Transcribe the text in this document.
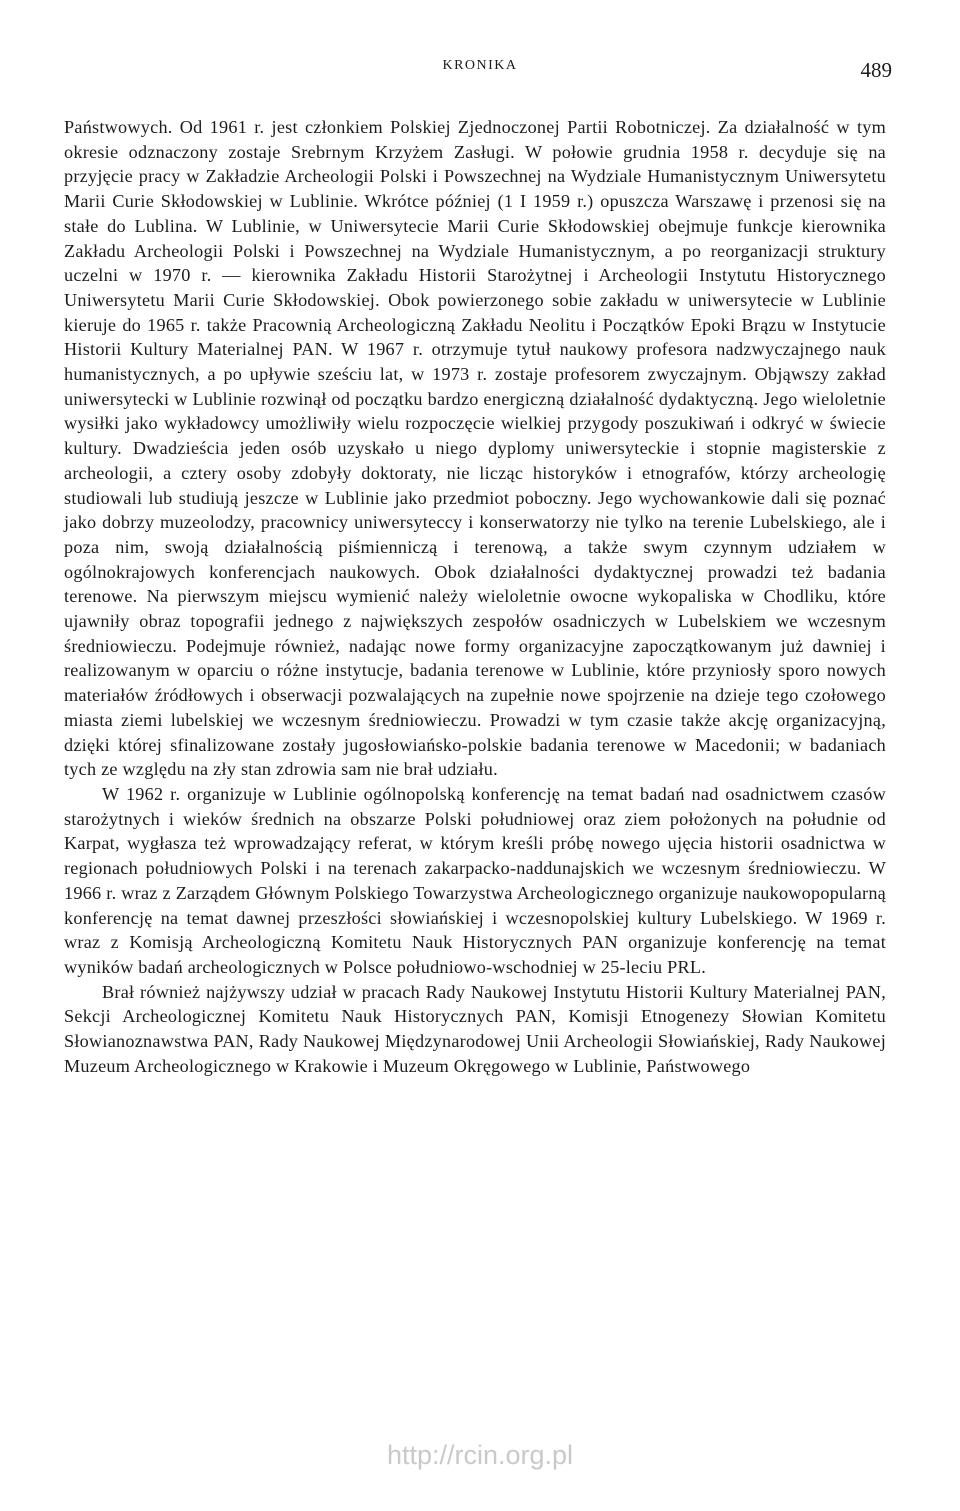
KRONIKA	489

Państwowych. Od 1961 r. jest członkiem Polskiej Zjednoczonej Partii Robotniczej. Za działalność w tym okresie odznaczony zostaje Srebrnym Krzyżem Zasługi. W połowie grudnia 1958 r. decyduje się na przyjęcie pracy w Zakładzie Archeologii Polski i Powszechnej na Wydziale Humanistycznym Uniwersytetu Marii Curie Skłodowskiej w Lublinie. Wkrótce później (1 I 1959 r.) opuszcza Warszawę i przenosi się na stałe do Lublina. W Lublinie, w Uniwersytecie Marii Curie Skłodowskiej obejmuje funkcje kierownika Zakładu Archeologii Polski i Powszechnej na Wydziale Humanistycznym, a po reorganizacji struktury uczelni w 1970 r. — kierownika Zakładu Historii Starożytnej i Archeologii Instytutu Historycznego Uniwersytetu Marii Curie Skłodowskiej. Obok powierzonego sobie zakładu w uniwersytecie w Lublinie kieruje do 1965 r. także Pracownią Archeologiczną Zakładu Neolitu i Początków Epoki Brązu w Instytucie Historii Kultury Materialnej PAN. W 1967 r. otrzymuje tytuł naukowy profesora nadzwyczajnego nauk humanistycznych, a po upływie sześciu lat, w 1973 r. zostaje profesorem zwyczajnym. Objąwszy zakład uniwersytecki w Lublinie rozwinął od początku bardzo energiczną działalność dydaktyczną. Jego wieloletnie wysiłki jako wykładowcy umożliwiły wielu rozpoczęcie wielkiej przygody poszukiwań i odkryć w świecie kultury. Dwadzieścia jeden osób uzyskało u niego dyplomy uniwersyteckie i stopnie magisterskie z archeologii, a cztery osoby zdobyły doktoraty, nie licząc historyków i etnografów, którzy archeologię studiowali lub studiują jeszcze w Lublinie jako przedmiot poboczny. Jego wychowankowie dali się poznać jako dobrzy muzeolodzy, pracownicy uniwersyteccy i konserwatorzy nie tylko na terenie Lubelskiego, ale i poza nim, swoją działalnością piśmienniczą i terenową, a także swym czynnym udziałem w ogólnokrajowych konferencjach naukowych. Obok działalności dydaktycznej prowadzi też badania terenowe. Na pierwszym miejscu wymienić należy wieloletnie owocne wykopaliska w Chodliku, które ujawniły obraz topografii jednego z największych zespołów osadniczych w Lubelskiem we wczesnym średniowieczu. Podejmuje również, nadając nowe formy organizacyjne zapoczątkowanym już dawniej i realizowanym w oparciu o różne instytucje, badania terenowe w Lublinie, które przyniosły sporo nowych materiałów źródłowych i obserwacji pozwalających na zupełnie nowe spojrzenie na dzieje tego czołowego miasta ziemi lubelskiej we wczesnym średniowieczu. Prowadzi w tym czasie także akcję organizacyjną, dzięki której sfinalizowane zostały jugosłowiańsko-polskie badania terenowe w Macedonii; w badaniach tych ze względu na zły stan zdrowia sam nie brał udziału.

W 1962 r. organizuje w Lublinie ogólnopolską konferencję na temat badań nad osadnictwem czasów starożytnych i wieków średnich na obszarze Polski południowej oraz ziem położonych na południe od Karpat, wygłasza też wprowadzający referat, w którym kreśli próbę nowego ujęcia historii osadnictwa w regionach południowych Polski i na terenach zakarpacko-naddunajskich we wczesnym średniowieczu. W 1966 r. wraz z Zarządem Głównym Polskiego Towarzystwa Archeologicznego organizuje naukowopopularną konferencję na temat dawnej przeszłości słowiańskiej i wczesnopolskiej kultury Lubelskiego. W 1969 r. wraz z Komisją Archeologiczną Komitetu Nauk Historycznych PAN organizuje konferencję na temat wyników badań archeologicznych w Polsce południowo-wschodniej w 25-leciu PRL.

Brał również najżywszy udział w pracach Rady Naukowej Instytutu Historii Kultury Materialnej PAN, Sekcji Archeologicznej Komitetu Nauk Historycznych PAN, Komisji Etnogenezy Słowian Komitetu Słowianoznawstwa PAN, Rady Naukowej Międzynarodowej Unii Archeologii Słowiańskiej, Rady Naukowej Muzeum Archeologicznego w Krakowie i Muzeum Okręgowego w Lublinie, Państwowego

http://rcin.org.pl
